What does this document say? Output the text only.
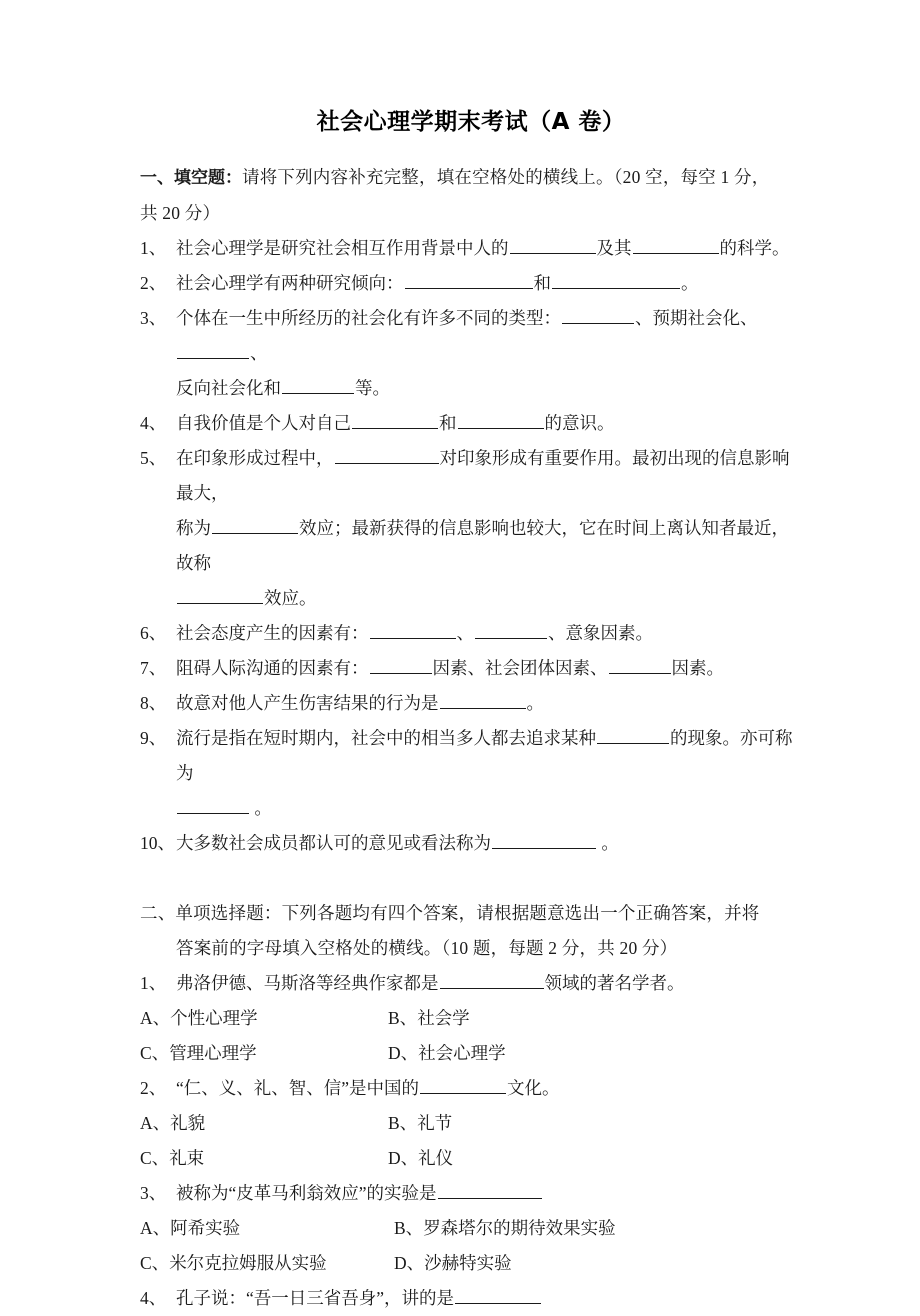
社会心理学期末考试（A 卷）

一、填空题：请将下列内容补充完整，填在空格处的横线上。（20 空，每空 1 分，

共 20 分）

1、 社会心理学是研究社会相互作用背景中人的	及其	的科学。

2、 社会心理学有两种研究倾向：	和	。

3、 个体在一生中所经历的社会化有许多不同的类型：	、预期社会化、、

反向社会化和	等。

4、 自我价值是个人对自己	和	的意识。

5、 在印象形成过程中，	对印象形成有重要作用。最初出现的信息影响最大，

称为	效应；最新获得的信息影响也较大，它在时间上离认知者最近，故称

效应。

6、 社会态度产生的因素有：	、	、意象因素。

7、 阻碍人际沟通的因素有：	因素、社会团体因素、	因素。

8、 故意对他人产生伤害结果的行为是	。

9、 流行是指在短时期内，社会中的相当多人都去追求某种	的现象。亦可称为

。

10、大多数社会成员都认可的意见或看法称为	。

二、单项选择题：下列各题均有四个答案，请根据题意选出一个正确答案，并将

答案前的字母填入空格处的横线。（10 题，每题 2 分，共 20 分）

1、 弗洛伊德、马斯洛等经典作家都是	领域的著名学者。

A、个性心理学	B、社会学
C、管理心理学	D、社会心理学

2、 “仁、义、礼、智、信”是中国的	文化。

A、礼貌	B、礼节
C、礼束	D、礼仪

3、 被称为“皮革马利翁效应”的实验是

A、阿希实验	B、罗森塔尔的期待效果实验
C、米尔克拉姆服从实验	D、沙赫特实验

4、 孔子说：“吾一日三省吾身”，讲的是
